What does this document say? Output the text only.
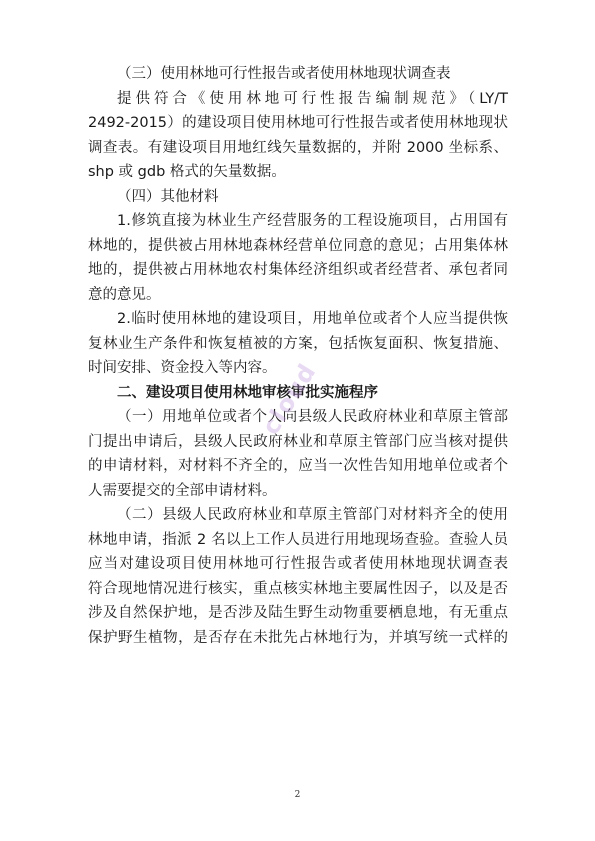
（三）使用林地可行性报告或者使用林地现状调查表

提供符合《使用林地可行性报告编制规范》（LY/T

2492-2015）的建设项目使用林地可行性报告或者使用林地现状

调查表。有建设项目用地红线矢量数据的，并附 2000 坐标系、

shp 或 gdb 格式的矢量数据。

（四）其他材料

1.修筑直接为林业生产经营服务的工程设施项目，占用国有

林地的，提供被占用林地森林经营单位同意的意见；占用集体林

地的，提供被占用林地农村集体经济组织或者经营者、承包者同

意的意见。

2.临时使用林地的建设项目，用地单位或者个人应当提供恢

复林业生产条件和恢复植被的方案，包括恢复面积、恢复措施、

时间安排、资金投入等内容。

二、建设项目使用林地审核审批实施程序

（一）用地单位或者个人向县级人民政府林业和草原主管部

门提出申请后，县级人民政府林业和草原主管部门应当核对提供

的申请材料，对材料不齐全的，应当一次性告知用地单位或者个

人需要提交的全部申请材料。

（二）县级人民政府林业和草原主管部门对材料齐全的使用

林地申请，指派 2 名以上工作人员进行用地现场查验。查验人员

应当对建设项目使用林地可行性报告或者使用林地现状调查表

符合现地情况进行核实，重点核实林地主要属性因子，以及是否

涉及自然保护地，是否涉及陆生野生动物重要栖息地，有无重点

保护野生植物，是否存在未批先占林地行为，并填写统一式样的

cloud
2
